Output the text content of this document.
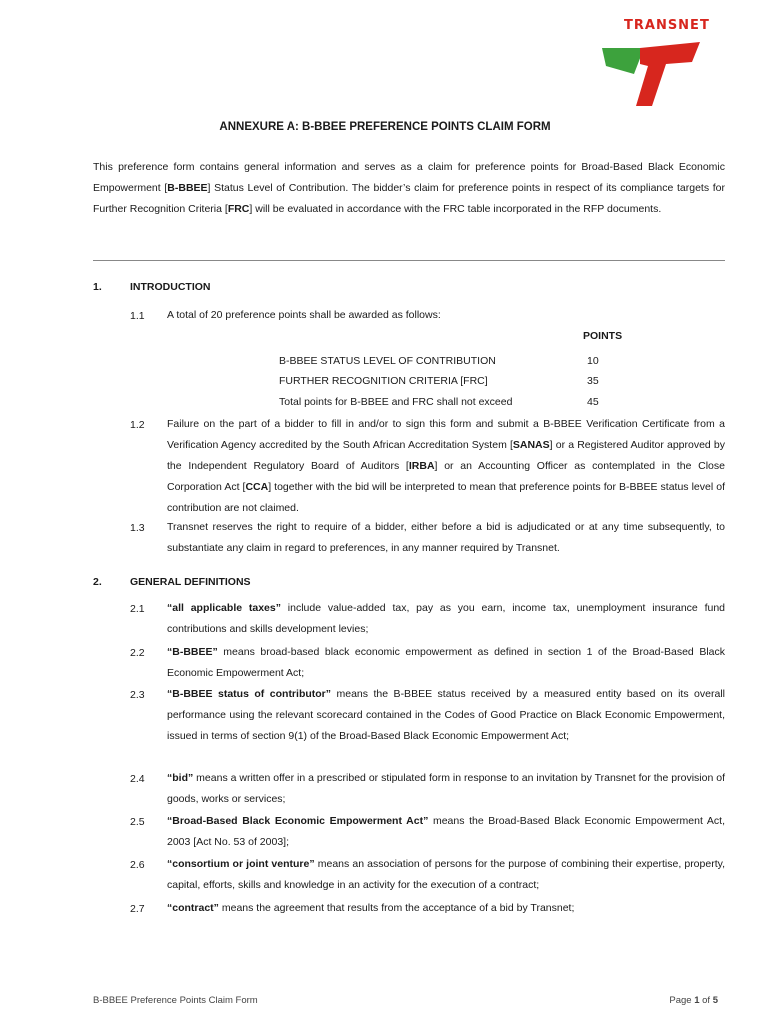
TRANSNET
ANNEXURE A: B-BBEE PREFERENCE POINTS CLAIM FORM
This preference form contains general information and serves as a claim for preference points for Broad-Based Black Economic Empowerment [B-BBEE] Status Level of Contribution. The bidder’s claim for preference points in respect of its compliance targets for Further Recognition Criteria [FRC] will be evaluated in accordance with the FRC table incorporated in the RFP documents.
1.	INTRODUCTION
1.1 A total of 20 preference points shall be awarded as follows:
POINTS
B-BBEE STATUS LEVEL OF CONTRIBUTION	10
FURTHER RECOGNITION CRITERIA [FRC]	35
Total points for B-BBEE and FRC shall not exceed	45
1.2 Failure on the part of a bidder to fill in and/or to sign this form and submit a B-BBEE Verification Certificate from a Verification Agency accredited by the South African Accreditation System [SANAS] or a Registered Auditor approved by the Independent Regulatory Board of Auditors [IRBA] or an Accounting Officer as contemplated in the Close Corporation Act [CCA] together with the bid will be interpreted to mean that preference points for B-BBEE status level of contribution are not claimed.
1.3 Transnet reserves the right to require of a bidder, either before a bid is adjudicated or at any time subsequently, to substantiate any claim in regard to preferences, in any manner required by Transnet.
2.	GENERAL DEFINITIONS
2.1 “all applicable taxes” include value-added tax, pay as you earn, income tax, unemployment insurance fund contributions and skills development levies;
2.2 “B-BBEE” means broad-based black economic empowerment as defined in section 1 of the Broad-Based Black Economic Empowerment Act;
2.3 “B-BBEE status of contributor” means the B-BBEE status received by a measured entity based on its overall performance using the relevant scorecard contained in the Codes of Good Practice on Black Economic Empowerment, issued in terms of section 9(1) of the Broad-Based Black Economic Empowerment Act;
2.4 “bid” means a written offer in a prescribed or stipulated form in response to an invitation by Transnet for the provision of goods, works or services;
2.5 “Broad-Based Black Economic Empowerment Act” means the Broad-Based Black Economic Empowerment Act, 2003 [Act No. 53 of 2003];
2.6 “consortium or joint venture” means an association of persons for the purpose of combining their expertise, property, capital, efforts, skills and knowledge in an activity for the execution of a contract;
2.7 “contract” means the agreement that results from the acceptance of a bid by Transnet;
B-BBEE Preference Points Claim Form	Page 1 of 5
